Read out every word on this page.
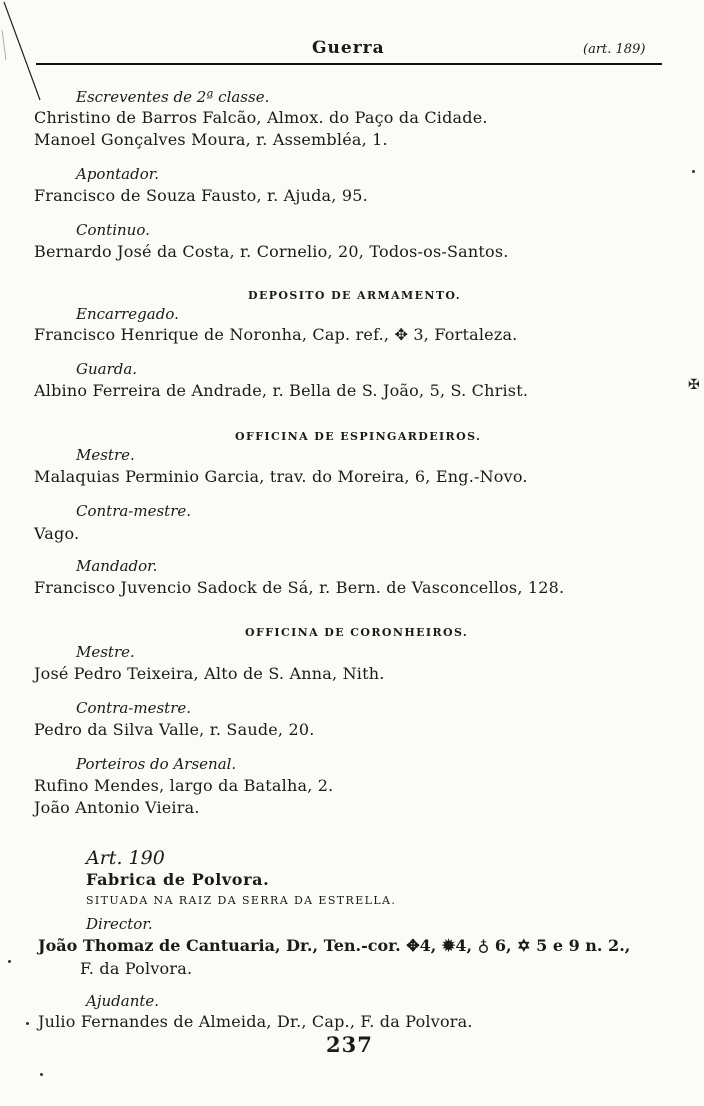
Guerra	(art. 189)
Escreventes de 2ª classe.
Christino de Barros Falcão, Almox. do Paço da Cidade.
Manoel Gonçalves Moura, r. Assembléa, 1.
Apontador.
Francisco de Souza Fausto, r. Ajuda, 95.
Continuo.
Bernardo José da Costa, r. Cornelio, 20, Todos-os-Santos.
DEPOSITO DE ARMAMENTO.
Encarregado.
Francisco Henrique de Noronha, Cap. ref., ✥ 3, Fortaleza.
Guarda.
Albino Ferreira de Andrade, r. Bella de S. João, 5, S. Christ.
OFFICINA DE ESPINGARDEIROS.
Mestre.
Malaquias Perminio Garcia, trav. do Moreira, 6, Eng.-Novo.
Contra-mestre.
Vago.
Mandador.
Francisco Juvencio Sadock de Sá, r. Bern. de Vasconcellos, 128.
OFFICINA DE CORONHEIROS.
Mestre.
José Pedro Teixeira, Alto de S. Anna, Nith.
Contra-mestre.
Pedro da Silva Valle, r. Saude, 20.
Porteiros do Arsenal.
Rufino Mendes, largo da Batalha, 2.
João Antonio Vieira.
Art. 190
Fabrica de Polvora.
SITUADA NA RAIZ DA SERRA DA ESTRELLA.
Director.
João Thomaz de Cantuaria, Dr., Ten.-cor. ✥4, ✹4, ♁ 6, ✡ 5 e 9 n. 2.,
F. da Polvora.
Ajudante.
Julio Fernandes de Almeida, Dr., Cap., F. da Polvora.
237
✠
